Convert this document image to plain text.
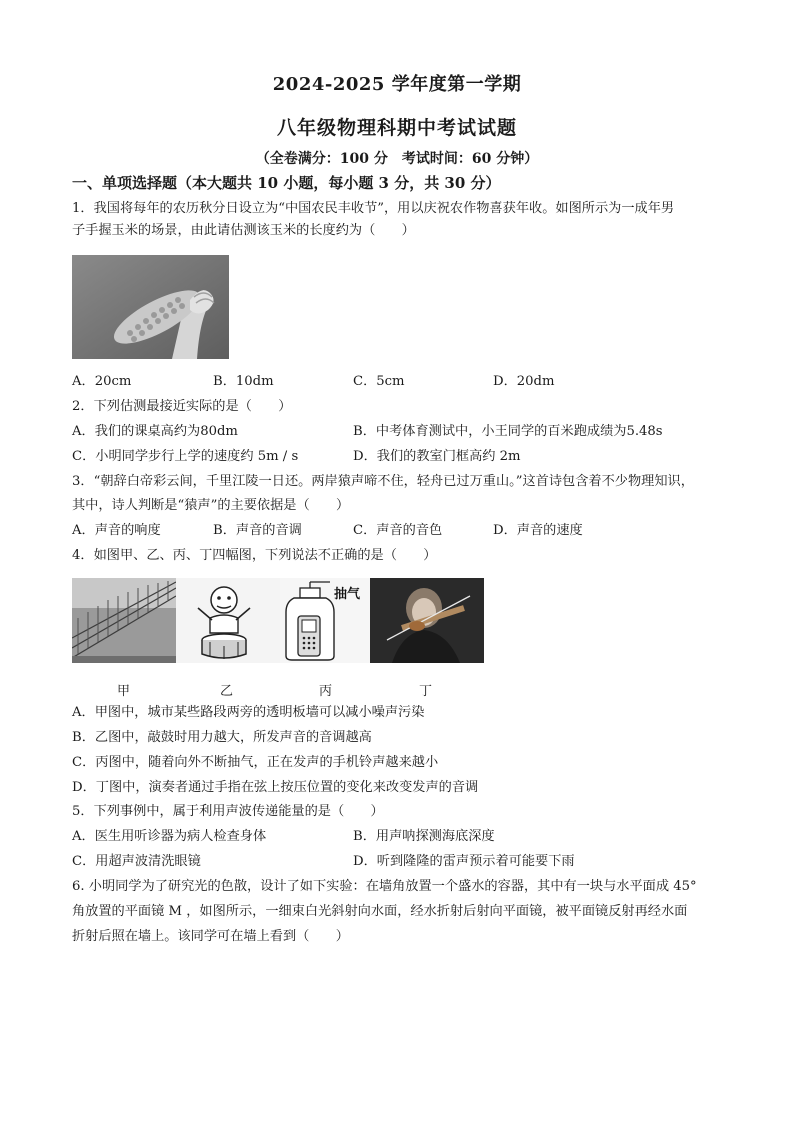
2024-2025 学年度第一学期
八年级物理科期中考试试题
（全卷满分：100 分　考试时间：60 分钟）
一、单项选择题（本大题共 10 小题，每小题 3 分，共 30 分）
1．我国将每年的农历秋分日设立为“中国农民丰收节”，用以庆祝农作物喜获年收。如图所示为一成年男
子手握玉米的场景，由此请估测该玉米的长度约为（　　）
A．20cm	B．10dm	C．5cm	D．20dm
2．下列估测最接近实际的是（　　）
A．我们的课桌高约为80dm	B．中考体育测试中，小王同学的百米跑成绩为5.48s
C．小明同学步行上学的速度约 5m / s	D．我们的教室门框高约 2m
3．“朝辞白帝彩云间，千里江陵一日还。两岸猿声啼不住，轻舟已过万重山。”这首诗包含着不少物理知识，
其中，诗人判断是“猿声”的主要依据是（　　）
A．声音的响度	B．声音的音调	C．声音的音色	D．声音的速度
4．如图甲、乙、丙、丁四幅图，下列说法不正确的是（　　）
抽气
甲	乙	丙	丁
A．甲图中，城市某些路段两旁的透明板墙可以减小噪声污染
B．乙图中，敲鼓时用力越大，所发声音的音调越高
C．丙图中，随着向外不断抽气，正在发声的手机铃声越来越小
D．丁图中，演奏者通过手指在弦上按压位置的变化来改变发声的音调
5．下列事例中，属于利用声波传递能量的是（　　）
A．医生用听诊器为病人检查身体	B．用声呐探测海底深度
C．用超声波清洗眼镜	D．听到隆隆的雷声预示着可能要下雨
6. 小明同学为了研究光的色散，设计了如下实验：在墙角放置一个盛水的容器，其中有一块与水平面成 45°
角放置的平面镜 M ，如图所示，一细束白光斜射向水面，经水折射后射向平面镜，被平面镜反射再经水面
折射后照在墙上。该同学可在墙上看到（　　）
